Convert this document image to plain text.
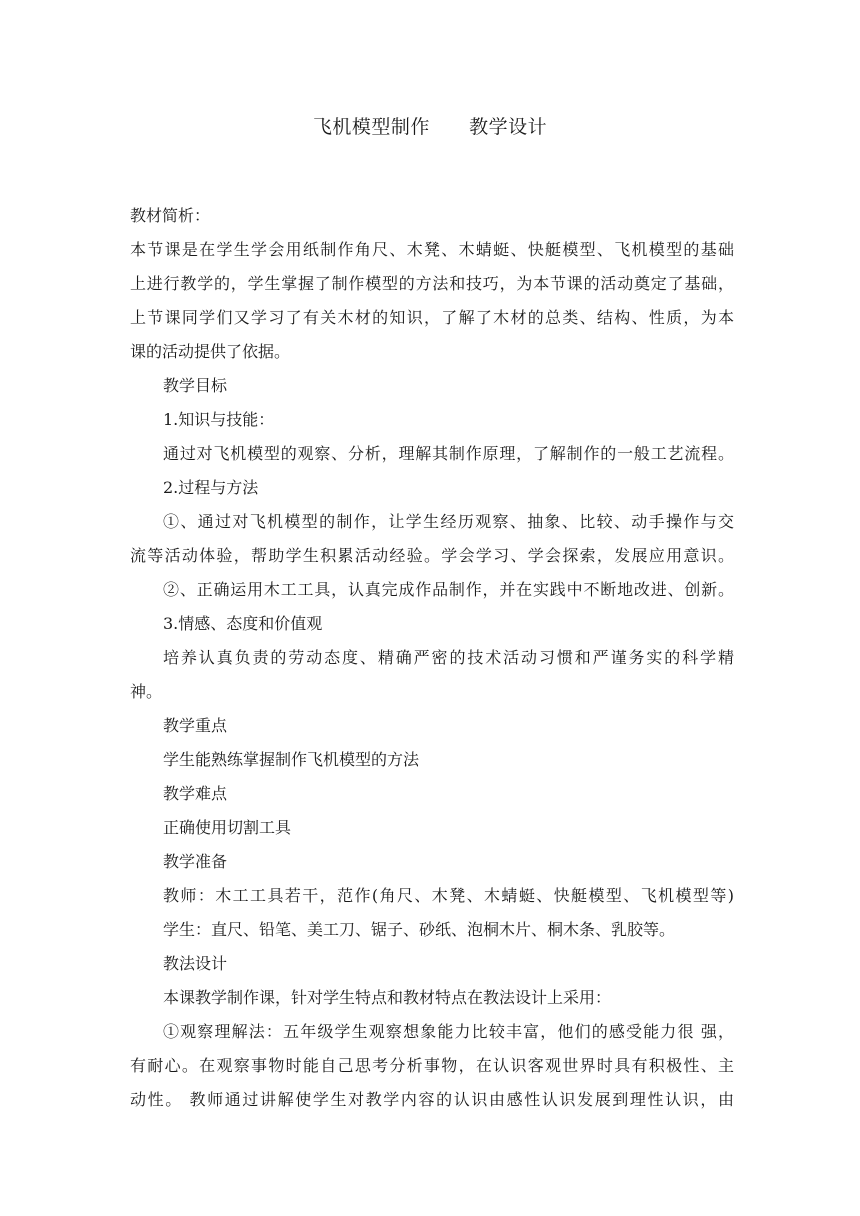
飞机模型制作      教学设计
教材简析：
本节课是在学生学会用纸制作角尺、木凳、木蜻蜓、快艇模型、飞机模型的基础
上进行教学的，学生掌握了制作模型的方法和技巧，为本节课的活动奠定了基础，
上节课同学们又学习了有关木材的知识，了解了木材的总类、结构、性质，为本
课的活动提供了依据。
教学目标
1.知识与技能：
通过对飞机模型的观察、分析，理解其制作原理，了解制作的一般工艺流程。
2.过程与方法
①、通过对飞机模型的制作，让学生经历观察、抽象、比较、动手操作与交
流等活动体验，帮助学生积累活动经验。学会学习、学会探索，发展应用意识。
②、正确运用木工工具，认真完成作品制作，并在实践中不断地改进、创新。
3.情感、态度和价值观
培养认真负责的劳动态度、精确严密的技术活动习惯和严谨务实的科学精
神。
教学重点
学生能熟练掌握制作飞机模型的方法
教学难点
正确使用切割工具
教学准备
教师：木工工具若干，范作(角尺、木凳、木蜻蜓、快艇模型、飞机模型等)
学生：直尺、铅笔、美工刀、锯子、砂纸、泡桐木片、桐木条、乳胶等。
教法设计
本课教学制作课，针对学生特点和教材特点在教法设计上采用：
①观察理解法：五年级学生观察想象能力比较丰富，他们的感受能力很 强，
有耐心。在观察事物时能自己思考分析事物，在认识客观世界时具有积极性、主
动性。 教师通过讲解使学生对教学内容的认识由感性认识发展到理性认识，由
